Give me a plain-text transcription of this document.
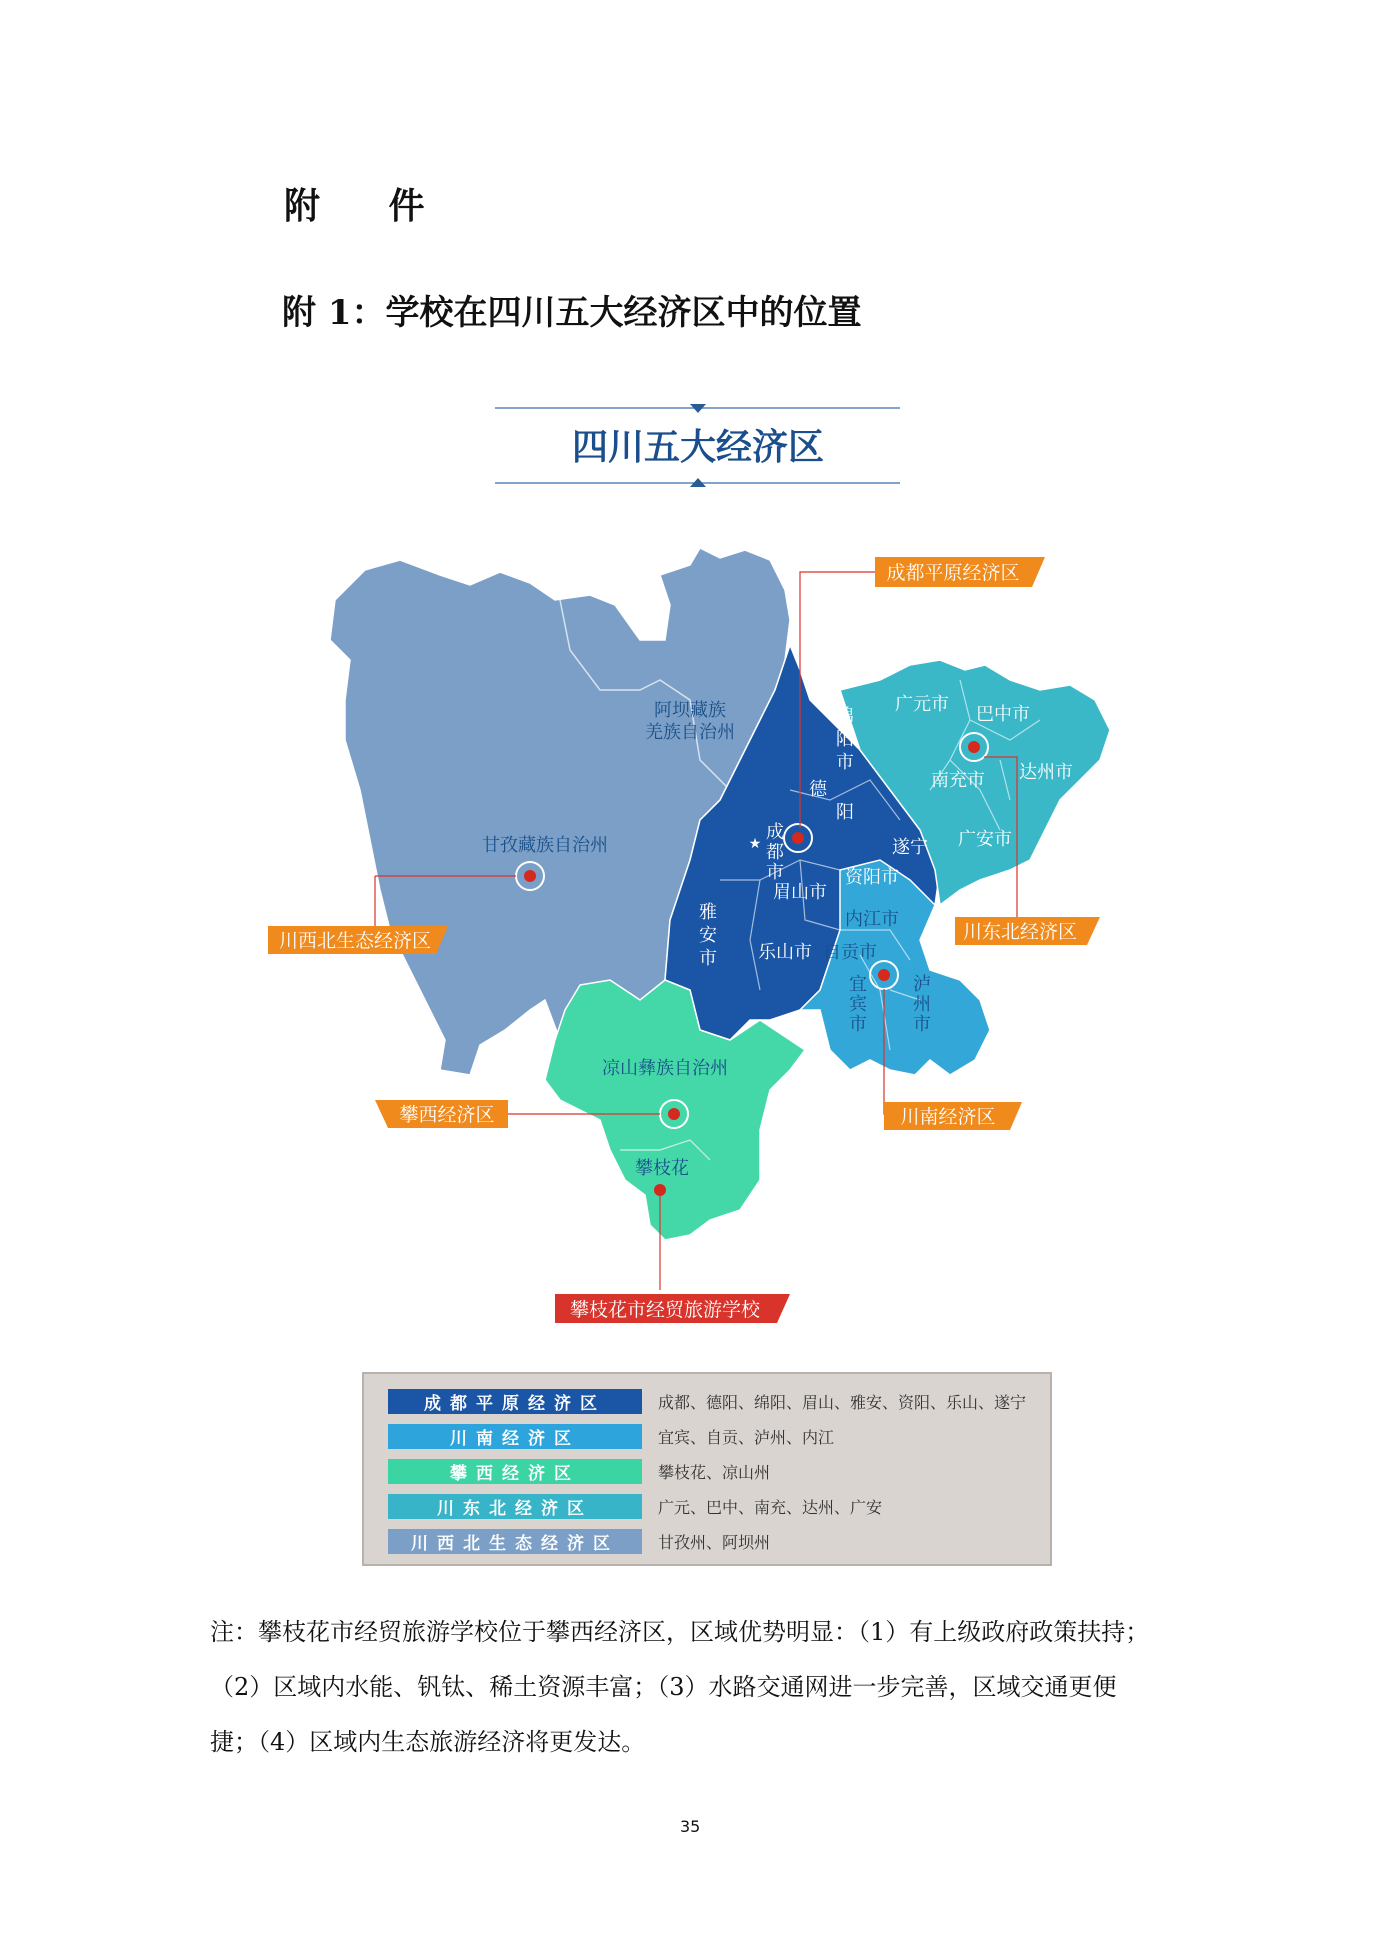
附 件
附 1：学校在四川五大经济区中的位置
四川五大经济区
阿坝藏族
羌族自治州
甘孜藏族自治州
凉山彝族自治州
攀枝花
绵
阳
市
德
阳
成
都
市
遂宁
资阳市
眉山市
雅
安
市 乐山市
内江市
自贡市
宜
宾
市
泸
州
市
广元市 巴中市
南充市 达州市
广安市
★
成都平原经济区
川东北经济区
川西北生态经济区
攀西经济区	川南经济区
攀枝花市经贸旅游学校
成都平原经济区	成都、德阳、绵阳、眉山、雅安、资阳、乐山、遂宁
川南经济区	宜宾、自贡、泸州、内江
攀西经济区	攀枝花、凉山州
川东北经济区	广元、巴中、南充、达州、广安
川西北生态经济区	甘孜州、阿坝州
注：攀枝花市经贸旅游学校位于攀西经济区，区域优势明显：（1）有上级政府政策扶持；
（2）区域内水能、钒钛、稀土资源丰富；（3）水路交通网进一步完善，区域交通更便
捷；（4）区域内生态旅游经济将更发达。
35
